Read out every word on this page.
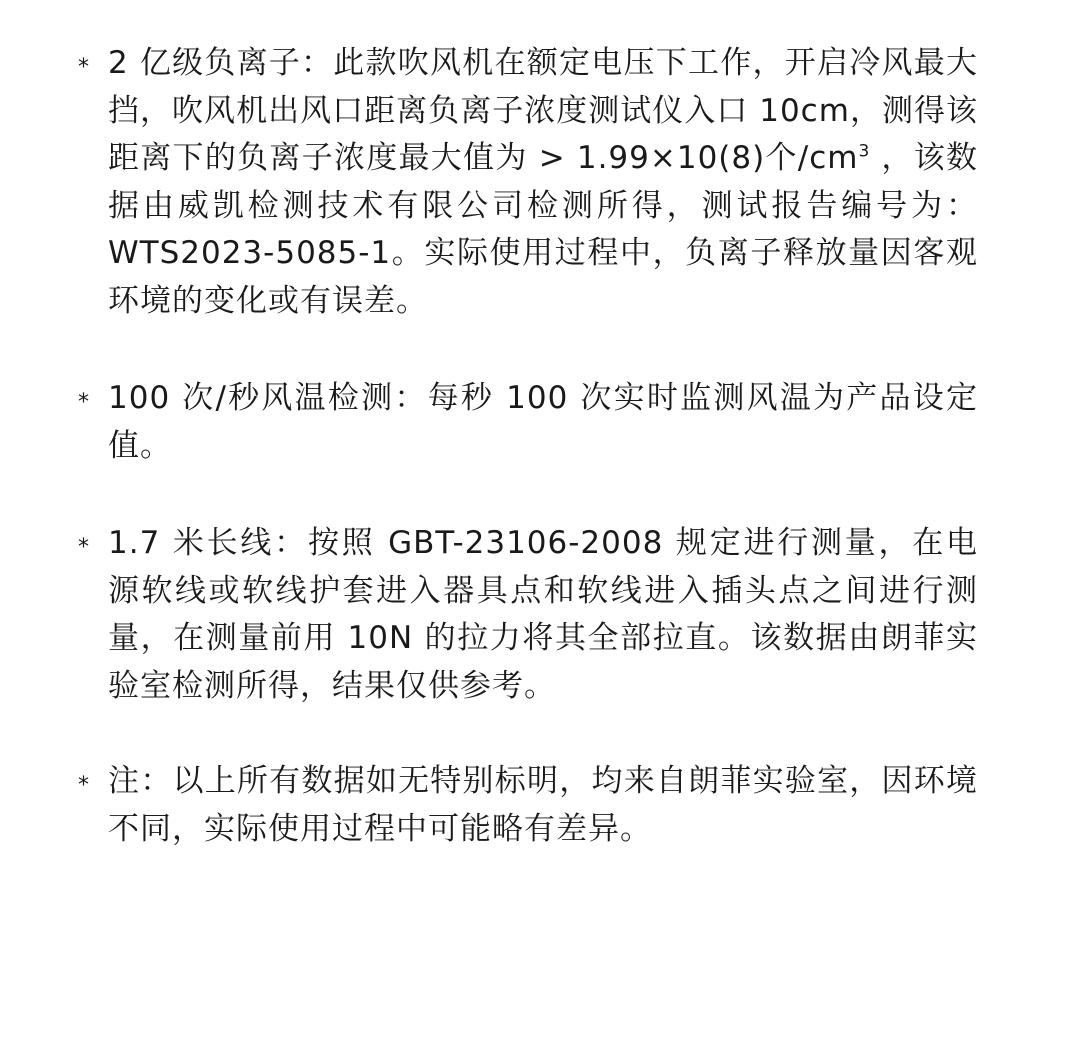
*
2 亿级负离子：此款吹风机在额定电压下工作，开启冷风最大挡，吹风机出风口距离负离子浓度测试仪入口 10cm，测得该距离下的负离子浓度最大值为 > 1.99×10(8)个$/cm^3$ ，该数据由威凯检测技术有限公司检测所得，测试报告编号为：WTS2023-5085-1。实际使用过程中，负离子释放量因客观环境的变化或有误差。
*
100 次/秒风温检测：每秒 100 次实时监测风温为产品设定值。
*
1.7 米长线：按照 GBT-23106-2008 规定进行测量，在电源软线或软线护套进入器具点和软线进入插头点之间进行测量，在测量前用 10N 的拉力将其全部拉直。该数据由朗菲实验室检测所得，结果仅供参考。
*
注：以上所有数据如无特别标明，均来自朗菲实验室，因环境不同，实际使用过程中可能略有差异。
